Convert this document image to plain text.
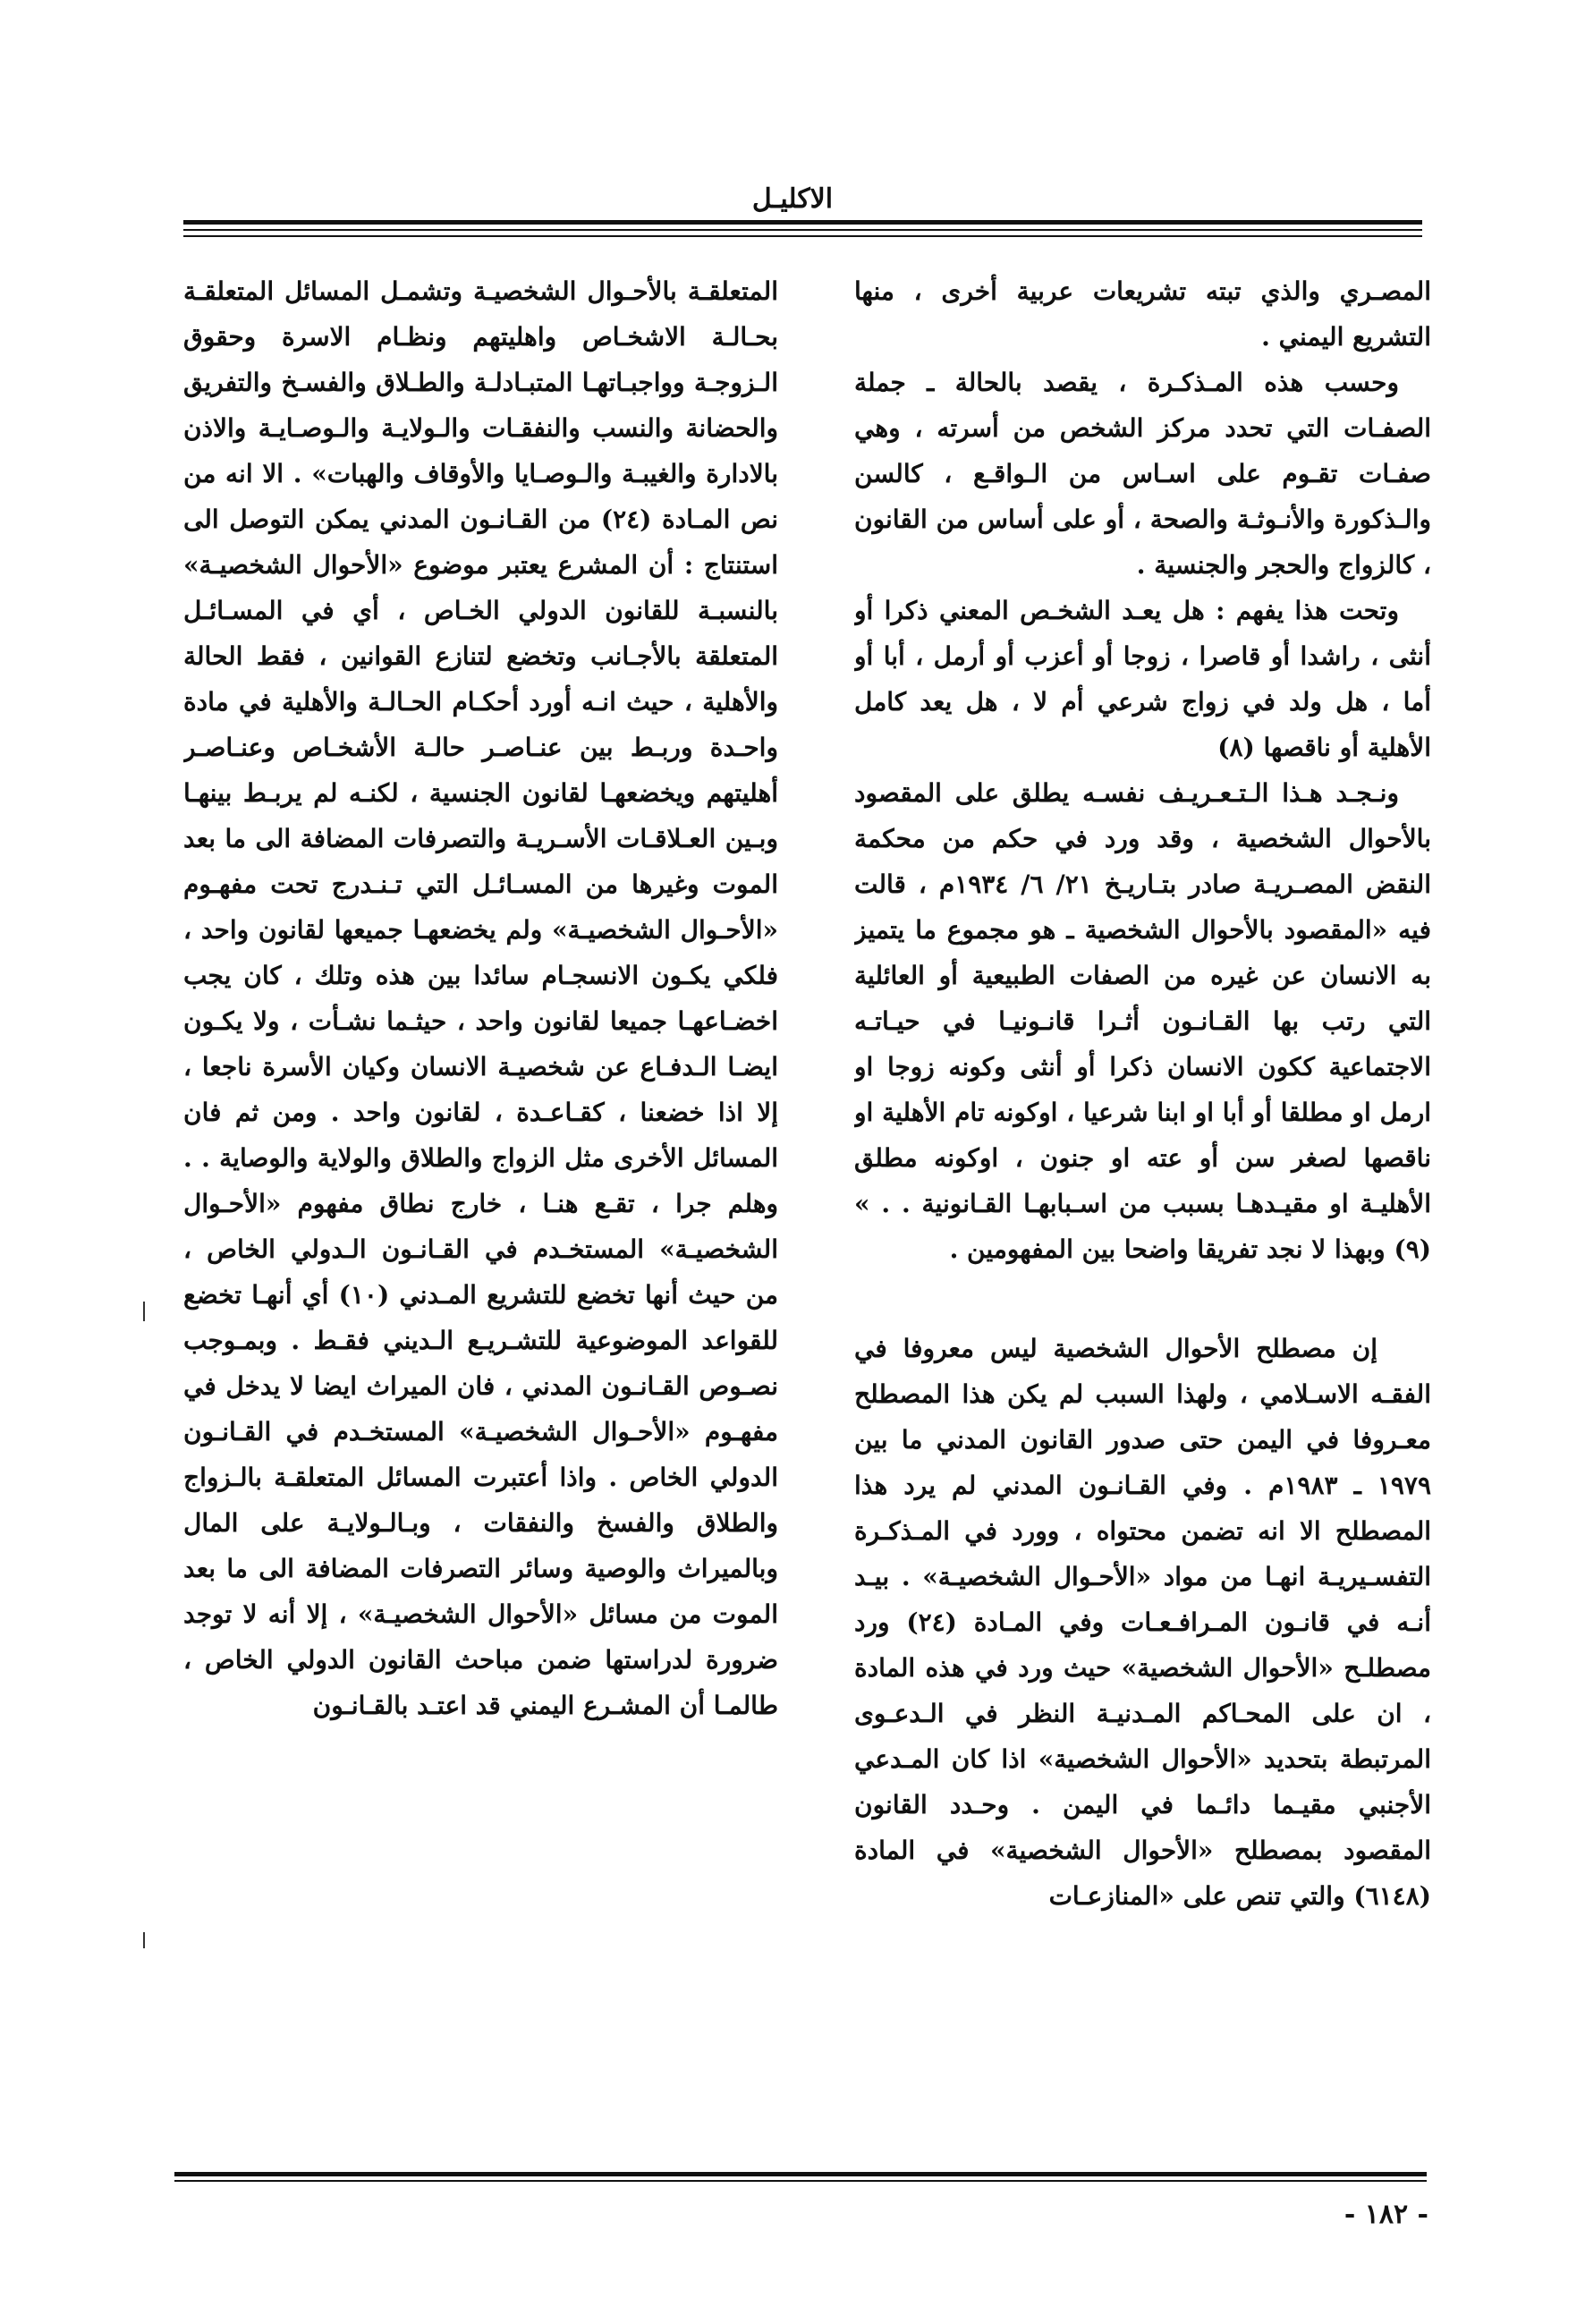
الاكليـل

المصـري والذي تبته تشريعات عربية أخرى ، منها التشريع اليمني .

وحسب هذه المـذكـرة ، يقصد بالحالة ـ جملة الصفـات التي تحدد مركز الشخص من أسرته ، وهي صفـات تقـوم على اسـاس من الـواقـع ، كالسن والـذكورة والأنـوثـة والصحة ، أو على أساس من القانون ، كالزواج والحجر والجنسية .

وتحت هذا يفهم : هل يعـد الشخـص المعني ذكرا أو أنثى ، راشدا أو قاصرا ، زوجا أو أعزب أو أرمل ، أبا أو أما ، هل ولد في زواج شرعي أم لا ، هل يعد كامل الأهلية أو ناقصها (٨)

ونـجـد هـذا الـتـعـريـف نفسـه يطلق على المقصود بالأحوال الشخصية ، وقد ورد في حكم من محكمة النقض المصـريـة صادر بتـاريـخ ٢١/ ٦/ ١٩٣٤م ، قالت فيه «المقصود بالأحوال الشخصية ـ هو مجموع ما يتميز به الانسان عن غيره من الصفات الطبيعية أو العائلية التي رتب بها القـانـون أثـرا قانـونيـا في حيـاتـه الاجتماعية ككون الانسان ذكرا أو أنثى وكونه زوجا او ارمل او مطلقا أو أبا او ابنا شرعيا ، اوكونه تام الأهلية او ناقصها لصغر سن أو عته او جنون ، اوكونه مطلق الأهليـة او مقيـدهـا بسبب من اسـبابهـا القـانونية . . » (٩) وبهذا لا نجد تفريقا واضحا بين المفهومين .

إن مصطلح الأحوال الشخصية ليس معروفا في الفقـه الاسـلامي ، ولهذا السبب لم يكن هذا المصطلح معـروفا في اليمن حتى صدور القانون المدني ما بين ١٩٧٩ ـ ١٩٨٣م . وفي القـانـون المدني لم يرد هذا المصطلح الا انه تضمن محتواه ، وورد في المـذكـرة التفسـيريـة انهـا من مواد «الأحـوال الشخصيـة» . بيـد أنـه في قانـون المـرافـعـات وفي المـادة (٢٤) ورد مصطلـح «الأحوال الشخصية» حيث ورد في هذه المادة ، ان على المحـاكم المـدنيـة النظر في الـدعـوى المرتبطة بتحديد «الأحوال الشخصية» اذا كان المـدعي الأجنبي مقيـما دائـما في اليمن . وحـدد القانون المقصود بمصطلح «الأحوال الشخصية» في المادة (٦١٤٨) والتي تنص على «المنازعـات

المتعلقـة بالأحـوال الشخصيـة وتشمـل المسائل المتعلقـة بحـالـة الاشخـاص واهليتهم ونظـام الاسرة وحقوق الـزوجـة وواجبـاتهـا المتبـادلـة والطـلاق والفسـخ والتفريق والحضانة والنسب والنفقـات والـولايـة والـوصـايـة والاذن بالادارة والغيبـة والـوصـايا والأوقاف والهبات» . الا انه من نص المـادة (٢٤) من القـانـون المدني يمكن التوصل الى استنتاج : أن المشرع يعتبر موضوع «الأحوال الشخصيـة» بالنسبـة للقانون الدولي الخـاص ، أي في المسـائـل المتعلقة بالأجـانب وتخضع لتنازع القوانين ، فقط الحالة والأهلية ، حيث انـه أورد أحكـام الحـالـة والأهلية في مادة واحـدة وربـط بين عنـاصـر حالـة الأشخـاص وعنـاصـر أهليتهم ويخضعهـا لقانون الجنسية ، لكنـه لم يربـط بينهـا وبـين العـلاقـات الأسـريـة والتصرفات المضافة الى ما بعد الموت وغيرها من المسـائـل التي تـنـدرج تحت مفهـوم «الأحـوال الشخصيـة» ولم يخضعهـا جميعها لقانون واحد ، فلكي يكـون الانسجـام سائدا بين هذه وتلك ، كان يجب اخضـاعهـا جميعا لقانون واحد ، حيثـما نشـأت ، ولا يكـون ايضـا الـدفـاع عن شخصيـة الانسان وكيان الأسرة ناجعا ، إلا اذا خضعنا ، كقـاعـدة ، لقانون واحد . ومن ثم فان المسائل الأخرى مثل الزواج والطلاق والولاية والوصاية . . وهلم جرا ، تقـع هنـا ، خارج نطاق مفهوم «الأحـوال الشخصيـة» المستخـدم في القـانـون الـدولي الخاص ، من حيث أنها تخضع للتشريع المـدني (١٠) أي أنهـا تخضع للقواعد الموضوعية للتشـريـع الـديني فقـط . وبمـوجب نصـوص القـانـون المدني ، فان الميراث ايضا لا يدخل في مفهـوم «الأحـوال الشخصيـة» المستخـدم في القـانـون الدولي الخاص . واذا أعتبرت المسائل المتعلقـة بالـزواج والطلاق والفسخ والنفقات ، وبـالـولايـة على المال وبالميراث والوصية وسائر التصرفات المضافة الى ما بعد الموت من مسائل «الأحوال الشخصيـة» ، إلا أنه لا توجد ضرورة لدراستها ضمن مباحث القانون الدولي الخاص ، طالمـا أن المشـرع اليمني قد اعتـد بالقـانـون

- ١٨٢ -
